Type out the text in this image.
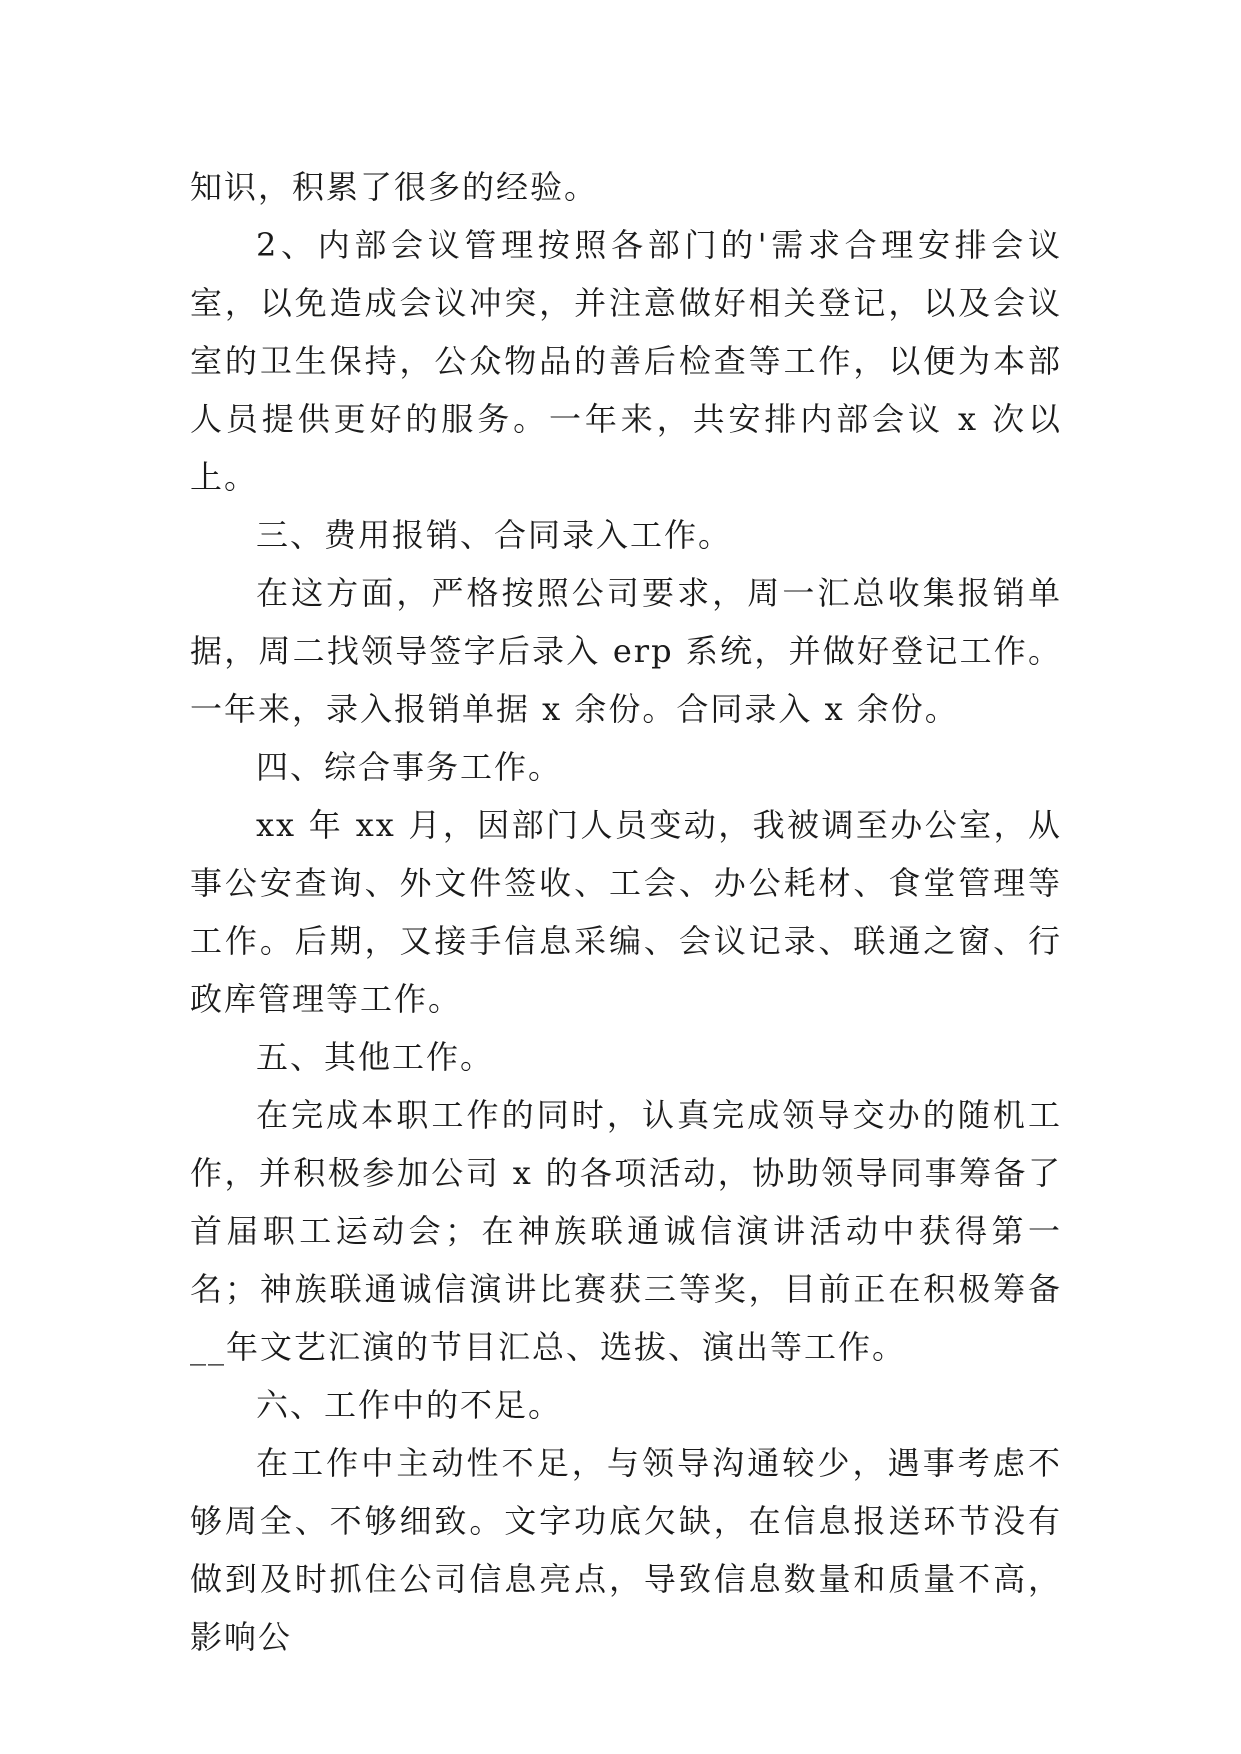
知识，积累了很多的经验。

2、内部会议管理按照各部门的'需求合理安排会议室，以免造成会议冲突，并注意做好相关登记，以及会议室的卫生保持，公众物品的善后检查等工作，以便为本部人员提供更好的服务。一年来，共安排内部会议 x 次以上。

三、费用报销、合同录入工作。

在这方面，严格按照公司要求，周一汇总收集报销单据，周二找领导签字后录入 erp 系统，并做好登记工作。一年来，录入报销单据 x 余份。合同录入 x 余份。

四、综合事务工作。

xx 年 xx 月，因部门人员变动，我被调至办公室，从事公安查询、外文件签收、工会、办公耗材、食堂管理等工作。后期，又接手信息采编、会议记录、联通之窗、行政库管理等工作。

五、其他工作。

在完成本职工作的同时，认真完成领导交办的随机工作，并积极参加公司 x 的各项活动，协助领导同事筹备了首届职工运动会；在神族联通诚信演讲活动中获得第一名；神族联通诚信演讲比赛获三等奖，目前正在积极筹备__年文艺汇演的节目汇总、选拔、演出等工作。

六、工作中的不足。

在工作中主动性不足，与领导沟通较少，遇事考虑不够周全、不够细致。文字功底欠缺，在信息报送环节没有做到及时抓住公司信息亮点，导致信息数量和质量不高，影响公
